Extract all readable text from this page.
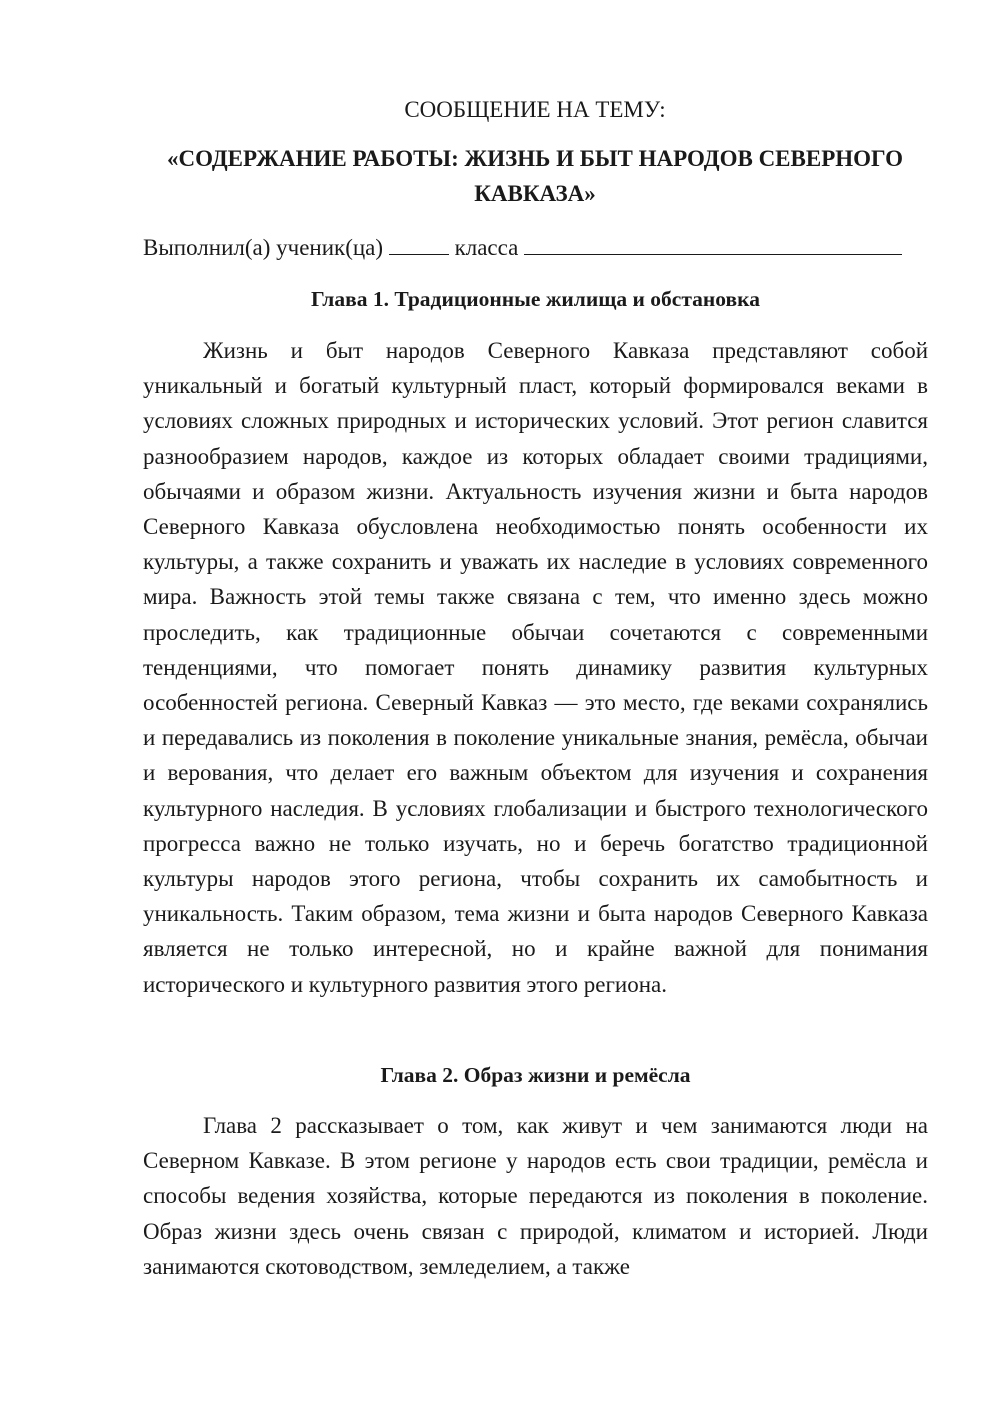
СООБЩЕНИЕ НА ТЕМУ:
«СОДЕРЖАНИЕ РАБОТЫ: ЖИЗНЬ И БЫТ НАРОДОВ СЕВЕРНОГО КАВКАЗА»
Выполнил(а) ученик(ца)	класса
Глава 1. Традиционные жилища и обстановка

Жизнь и быт народов Северного Кавказа представляют собой уникальный и богатый культурный пласт, который формировался веками в условиях сложных природных и исторических условий. Этот регион славится разнообразием народов, каждое из которых обладает своими традициями, обычаями и образом жизни. Актуальность изучения жизни и быта народов Северного Кавказа обусловлена необходимостью понять особенности их культуры, а также сохранить и уважать их наследие в условиях современного мира. Важность этой темы также связана с тем, что именно здесь можно проследить, как традиционные обычаи сочетаются с современными тенденциями, что помогает понять динамику развития культурных особенностей региона. Северный Кавказ — это место, где веками сохранялись и передавались из поколения в поколение уникальные знания, ремёсла, обычаи и верования, что делает его важным объектом для изучения и сохранения культурного наследия. В условиях глобализации и быстрого технологического прогресса важно не только изучать, но и беречь богатство традиционной культуры народов этого региона, чтобы сохранить их самобытность и уникальность. Таким образом, тема жизни и быта народов Северного Кавказа является не только интересной, но и крайне важной для понимания исторического и культурного развития этого региона.

Глава 2. Образ жизни и ремёсла

Глава 2 рассказывает о том, как живут и чем занимаются люди на Северном Кавказе. В этом регионе у народов есть свои традиции, ремёсла и способы ведения хозяйства, которые передаются из поколения в поколение. Образ жизни здесь очень связан с природой, климатом и историей. Люди занимаются скотоводством, земледелием, а также
